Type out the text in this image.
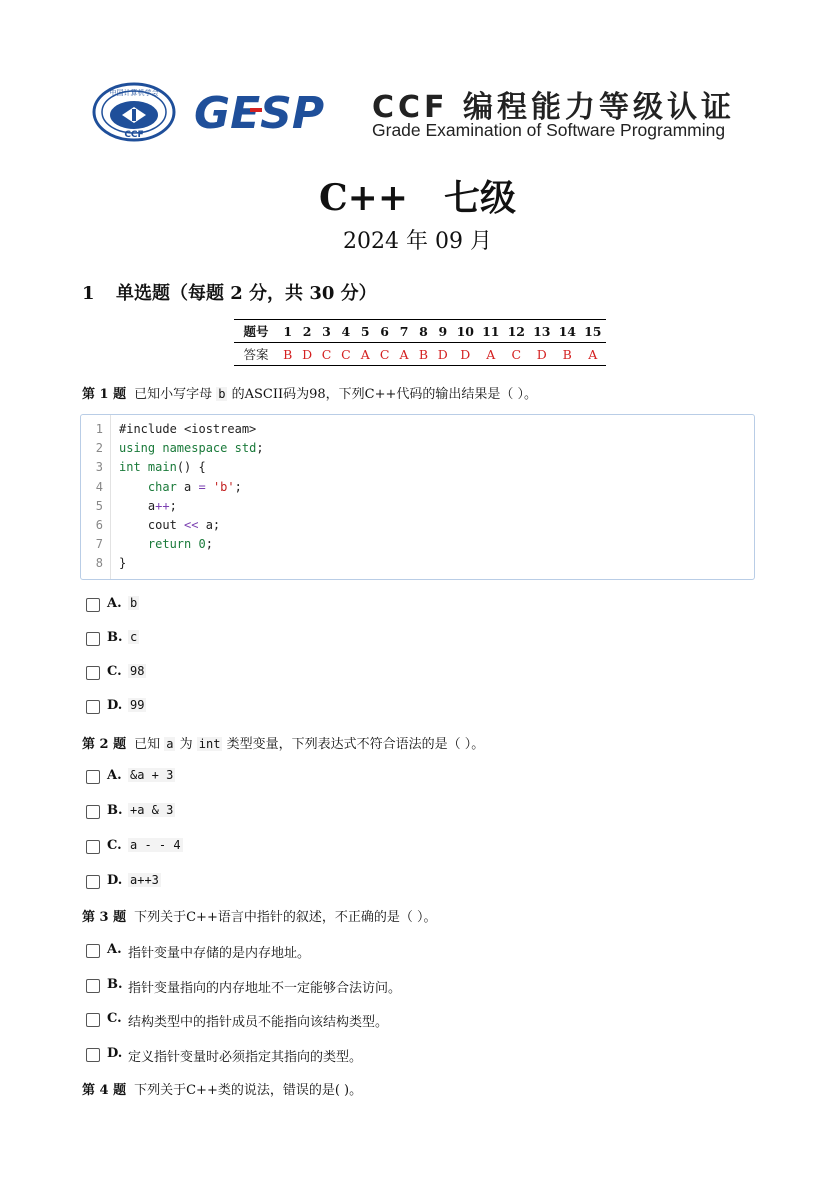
中国计算机学会
CCF GESP CCF 编程能力等级认证
Grade Examination of Software Programming
C++ 七级
2024 年 09 月
1 单选题（每题 2 分，共 30 分）
题号	1	2	3	4	5	6	7	8	9	10	11	12	13	14	15
答案	B	D	C	C	A	C	A	B	D	D	A	C	D	B	A
第 1 题 已知小写字母 b 的ASCII码为98，下列C++代码的输出结果是（ ）。
1 #include <iostream>
2 using namespace std;
3 int main() {
4	char a = 'b';
5 a++;
6 cout << a;
7	return 0;
8 }
A. b
B. c
C. 98
D. 99
第 2 题 已知 a 为 int 类型变量，下列表达式不符合语法的是（ ）。
A. &a + 3
B. +a & 3
C. a - - 4
D. a++3
第 3 题 下列关于C++语言中指针的叙述，不正确的是（ ）。
A. 指针变量中存储的是内存地址。
B. 指针变量指向的内存地址不一定能够合法访问。
C. 结构类型中的指针成员不能指向该结构类型。
D. 定义指针变量时必须指定其指向的类型。
第 4 题 下列关于C++类的说法，错误的是( )。
